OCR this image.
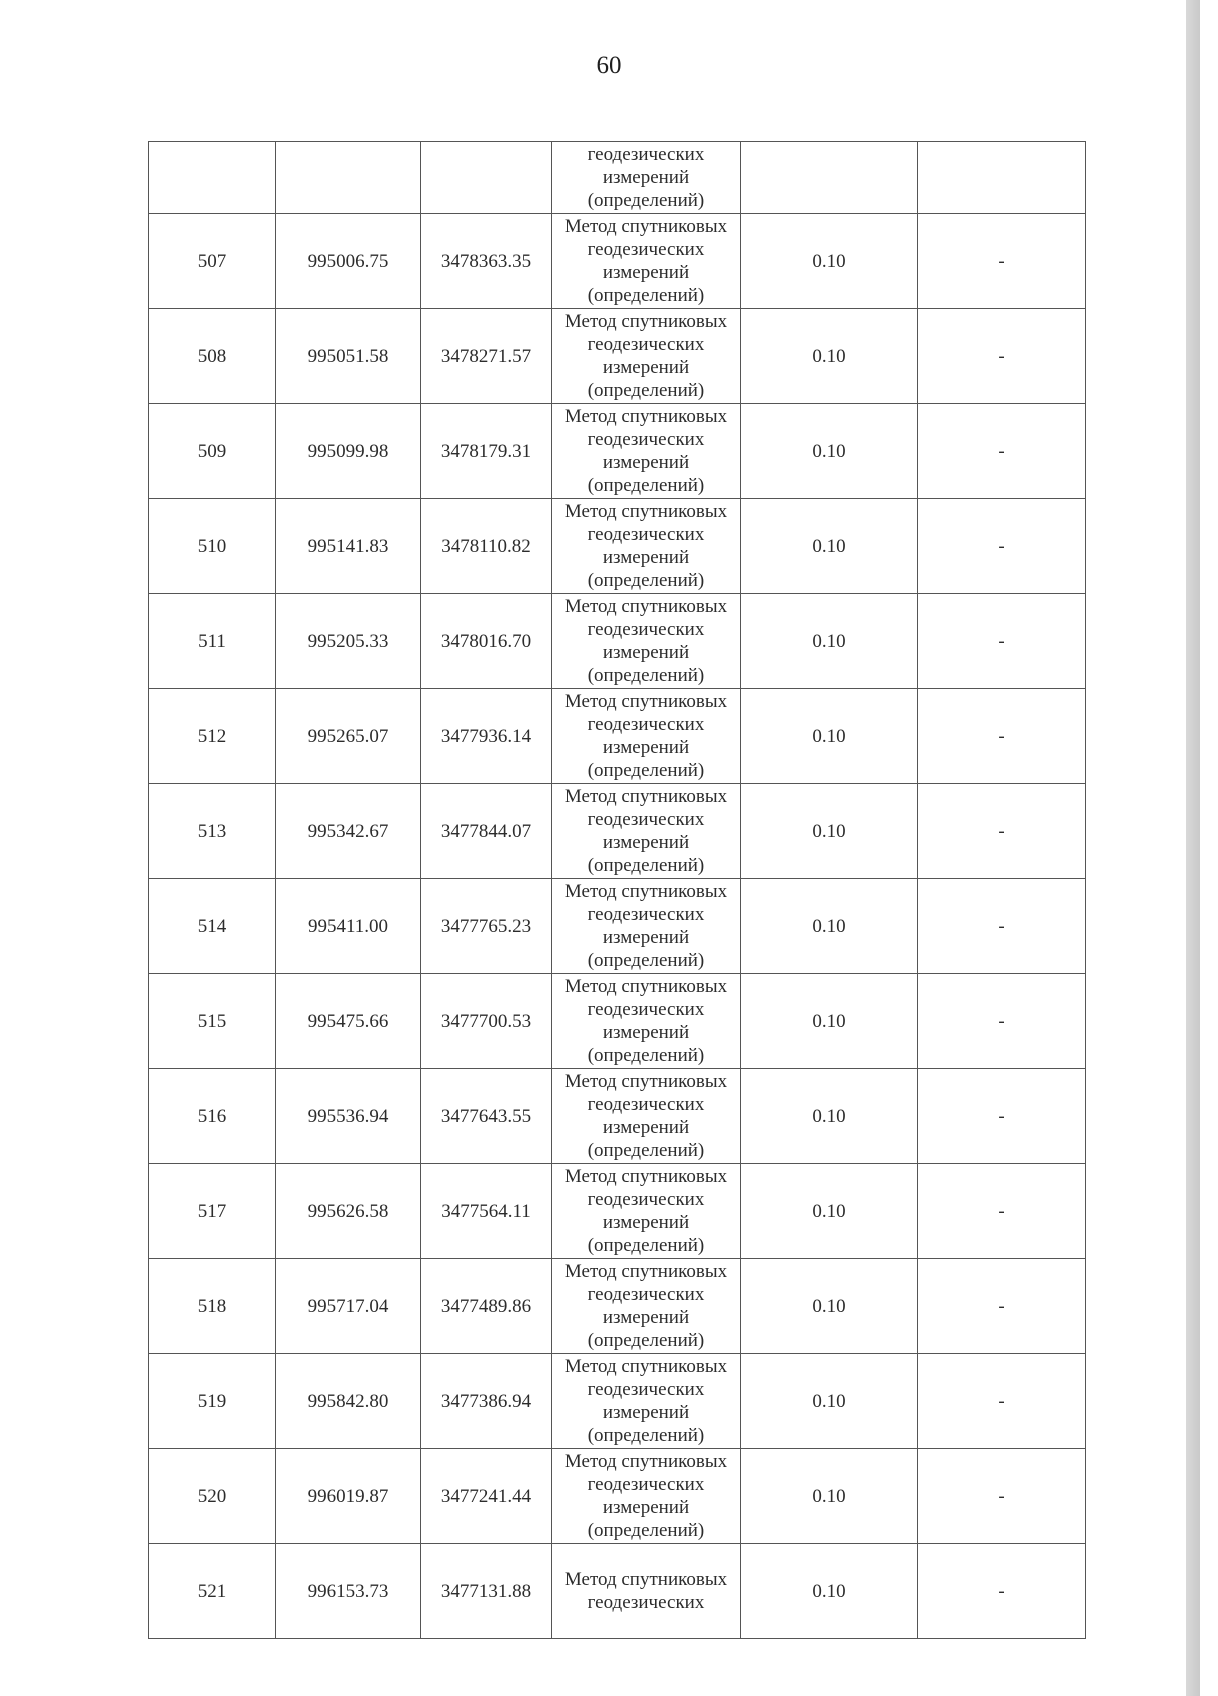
60

			геодезических
измерений
(определений)		

507	995006.75	3478363.35	Метод спутниковых
геодезических
измерений
(определений)	0.10	-
508	995051.58	3478271.57	Метод спутниковых
геодезических
измерений
(определений)	0.10	-
509	995099.98	3478179.31	Метод спутниковых
геодезических
измерений
(определений)	0.10	-
510	995141.83	3478110.82	Метод спутниковых
геодезических
измерений
(определений)	0.10	-
511	995205.33	3478016.70	Метод спутниковых
геодезических
измерений
(определений)	0.10	-
512	995265.07	3477936.14	Метод спутниковых
геодезических
измерений
(определений)	0.10	-
513	995342.67	3477844.07	Метод спутниковых
геодезических
измерений
(определений)	0.10	-
514	995411.00	3477765.23	Метод спутниковых
геодезических
измерений
(определений)	0.10	-
515	995475.66	3477700.53	Метод спутниковых
геодезических
измерений
(определений)	0.10	-
516	995536.94	3477643.55	Метод спутниковых
геодезических
измерений
(определений)	0.10	-
517	995626.58	3477564.11	Метод спутниковых
геодезических
измерений
(определений)	0.10	-
518	995717.04	3477489.86	Метод спутниковых
геодезических
измерений
(определений)	0.10	-
519	995842.80	3477386.94	Метод спутниковых
геодезических
измерений
(определений)	0.10	-
520	996019.87	3477241.44	Метод спутниковых
геодезических
измерений
(определений)	0.10	-
521	996153.73	3477131.88	Метод спутниковых
геодезических	0.10	-
